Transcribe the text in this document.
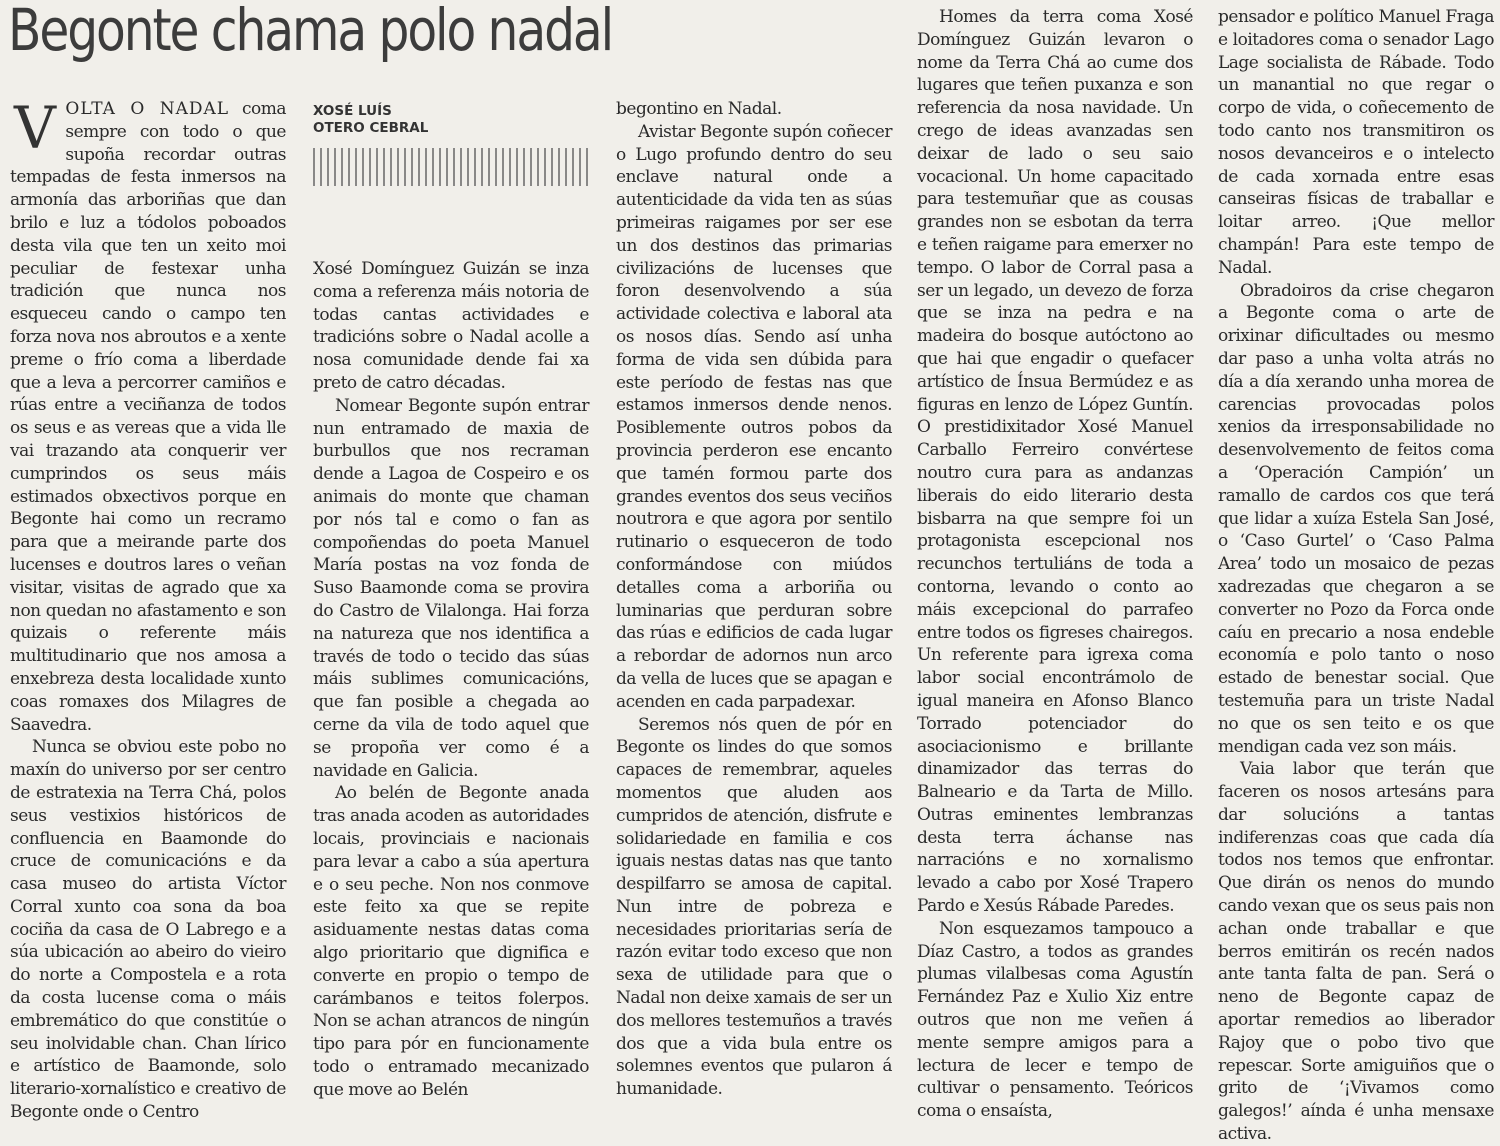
Begonte chama polo nadal
XOSÉ LUÍS
OTERO CEBRAL

VOLTA O NADAL coma sempre con todo o que supoña recordar outras tempadas de festa inmersos na armonía das arboriñas que dan brilo e luz a tódolos poboados desta vila que ten un xeito moi peculiar de festexar unha tradición que nunca nos esqueceu cando o campo ten forza nova nos abroutos e a xente preme o frío coma a liberdade que a leva a percorrer camiños e rúas entre a veciñanza de todos os seus e as vereas que a vida lle vai trazando ata conquerir ver cumprindos os seus máis estimados obxectivos porque en Begonte hai como un recramo para que a meirande parte dos lucenses e doutros lares o veñan visitar, visitas de agrado que xa non quedan no afastamento e son quizais o referente máis multitudinario que nos amosa a enxebreza desta localidade xunto coas romaxes dos Milagres de Saavedra.

Nunca se obviou este pobo no maxín do universo por ser centro de estratexia na Terra Chá, polos seus vestixios históricos de confluencia en Baamonde do cruce de comunicacións e da casa museo do artista Víctor Corral xunto coa sona da boa cociña da casa de O Labrego e a súa ubicación ao abeiro do vieiro do norte a Compostela e a rota da costa lucense coma o máis embremático do que constitúe o seu inolvidable chan. Chan lírico e artístico de Baamonde, solo literario-xornalístico e creativo de Begonte onde o Centro

Xosé Domínguez Guizán se inza coma a referenza máis notoria de todas cantas actividades e tradicións sobre o Nadal acolle a nosa comunidade dende fai xa preto de catro décadas.

Nomear Begonte supón entrar nun entramado de maxia de burbullos que nos recraman dende a Lagoa de Cospeiro e os animais do monte que chaman por nós tal e como o fan as compoñendas do poeta Manuel María postas na voz fonda de Suso Baamonde coma se provira do Castro de Vilalonga. Hai forza na natureza que nos identifica a través de todo o tecido das súas máis sublimes comunicacións, que fan posible a chegada ao cerne da vila de todo aquel que se propoña ver como é a navidade en Galicia.

Ao belén de Begonte anada tras anada acoden as autoridades locais, provinciais e nacionais para levar a cabo a súa apertura e o seu peche. Non nos conmove este feito xa que se repite asiduamente nestas datas coma algo prioritario que dignifica e converte en propio o tempo de carámbanos e teitos folerpos. Non se achan atrancos de ningún tipo para pór en funcionamente todo o entramado mecanizado que move ao Belén

begontino en Nadal.

Avistar Begonte supón coñecer o Lugo profundo dentro do seu enclave natural onde a autenticidade da vida ten as súas primeiras raigames por ser ese un dos destinos das primarias civilizacións de lucenses que foron desenvolvendo a súa actividade colectiva e laboral ata os nosos días. Sendo así unha forma de vida sen dúbida para este período de festas nas que estamos inmersos dende nenos. Posiblemente outros pobos da provincia perderon ese encanto que tamén formou parte dos grandes eventos dos seus veciños noutrora e que agora por sentilo rutinario o esqueceron de todo conformándose con miúdos detalles coma a arboriña ou luminarias que perduran sobre das rúas e edificios de cada lugar a rebordar de adornos nun arco da vella de luces que se apagan e acenden en cada parpadexar.

Seremos nós quen de pór en Begonte os lindes do que somos capaces de remembrar, aqueles momentos que aluden aos cumpridos de atención, disfrute e solidariedade en familia e cos iguais nestas datas nas que tanto despilfarro se amosa de capital. Nun intre de pobreza e necesidades prioritarias sería de razón evitar todo exceso que non sexa de utilidade para que o Nadal non deixe xamais de ser un dos mellores testemuños a través dos que a vida bula entre os solemnes eventos que pularon á humanidade.

Homes da terra coma Xosé Domínguez Guizán levaron o nome da Terra Chá ao cume dos lugares que teñen puxanza e son referencia da nosa navidade. Un crego de ideas avanzadas sen deixar de lado o seu saio vocacional. Un home capacitado para testemuñar que as cousas grandes non se esbotan da terra e teñen raigame para emerxer no tempo. O labor de Corral pasa a ser un legado, un devezo de forza que se inza na pedra e na madeira do bosque autóctono ao que hai que engadir o quefacer artístico de Ínsua Bermúdez e as figuras en lenzo de López Guntín. O prestidixitador Xosé Manuel Carballo Ferreiro convértese noutro cura para as andanzas liberais do eido literario desta bisbarra na que sempre foi un protagonista escepcional nos recunchos tertuliáns de toda a contorna, levando o conto ao máis excepcional do parrafeo entre todos os figreses chairegos. Un referente para igrexa coma labor social encontrámolo de igual maneira en Afonso Blanco Torrado potenciador do asociacionismo e brillante dinamizador das terras do Balneario e da Tarta de Millo. Outras eminentes lembranzas desta terra áchanse nas narracións e no xornalismo levado a cabo por Xosé Trapero Pardo e Xesús Rábade Paredes.

Non esquezamos tampouco a Díaz Castro, a todos as grandes plumas vilalbesas coma Agustín Fernández Paz e Xulio Xiz entre outros que non me veñen á mente sempre amigos para a lectura de lecer e tempo de cultivar o pensamento. Teóricos coma o ensaísta,

pensador e político Manuel Fraga e loitadores coma o senador Lago Lage socialista de Rábade. Todo un manantial no que regar o corpo de vida, o coñecemento de todo canto nos transmitiron os nosos devanceiros e o intelecto de cada xornada entre esas canseiras físicas de traballar e loitar arreo. ¡Que mellor champán! Para este tempo de Nadal.

Obradoiros da crise chegaron a Begonte coma o arte de orixinar dificultades ou mesmo dar paso a unha volta atrás no día a día xerando unha morea de carencias provocadas polos xenios da irresponsabilidade no desenvolvemento de feitos coma a ‘Operación Campión’ un ramallo de cardos cos que terá que lidar a xuíza Estela San José, o ‘Caso Gurtel’ o ‘Caso Palma Area’ todo un mosaico de pezas xadrezadas que chegaron a se converter no Pozo da Forca onde caíu en precario a nosa endeble economía e polo tanto o noso estado de benestar social. Que testemuña para un triste Nadal no que os sen teito e os que mendigan cada vez son máis.

Vaia labor que terán que faceren os nosos artesáns para dar solucións a tantas indiferenzas coas que cada día todos nos temos que enfrontar. Que dirán os nenos do mundo cando vexan que os seus pais non achan onde traballar e que berros emitirán os recén nados ante tanta falta de pan. Será o neno de Begonte capaz de aportar remedios ao liberador Rajoy que o pobo tivo que repescar. Sorte amiguiños que o grito de ‘¡Vivamos como galegos!’ aínda é unha mensaxe activa.
